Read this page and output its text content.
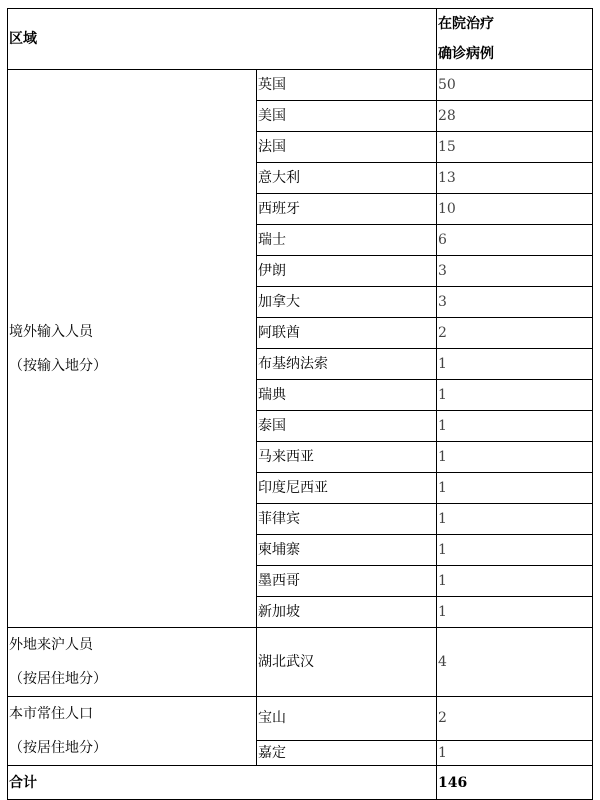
区域		在院治疗
确诊病例
境外输入人员
（按输入地分）	英国	50
	美国	28
	法国	15
	意大利	13
	西班牙	10
	瑞士	6
	伊朗	3
	加拿大	3
	阿联酋	2
	布基纳法索	1
	瑞典	1
	泰国	1
	马来西亚	1
	印度尼西亚	1
	菲律宾	1
	柬埔寨	1
	墨西哥	1
	新加坡	1
外地来沪人员
（按居住地分）	湖北武汉	4
本市常住人口
（按居住地分）	宝山	2
	嘉定	1
合计		146
